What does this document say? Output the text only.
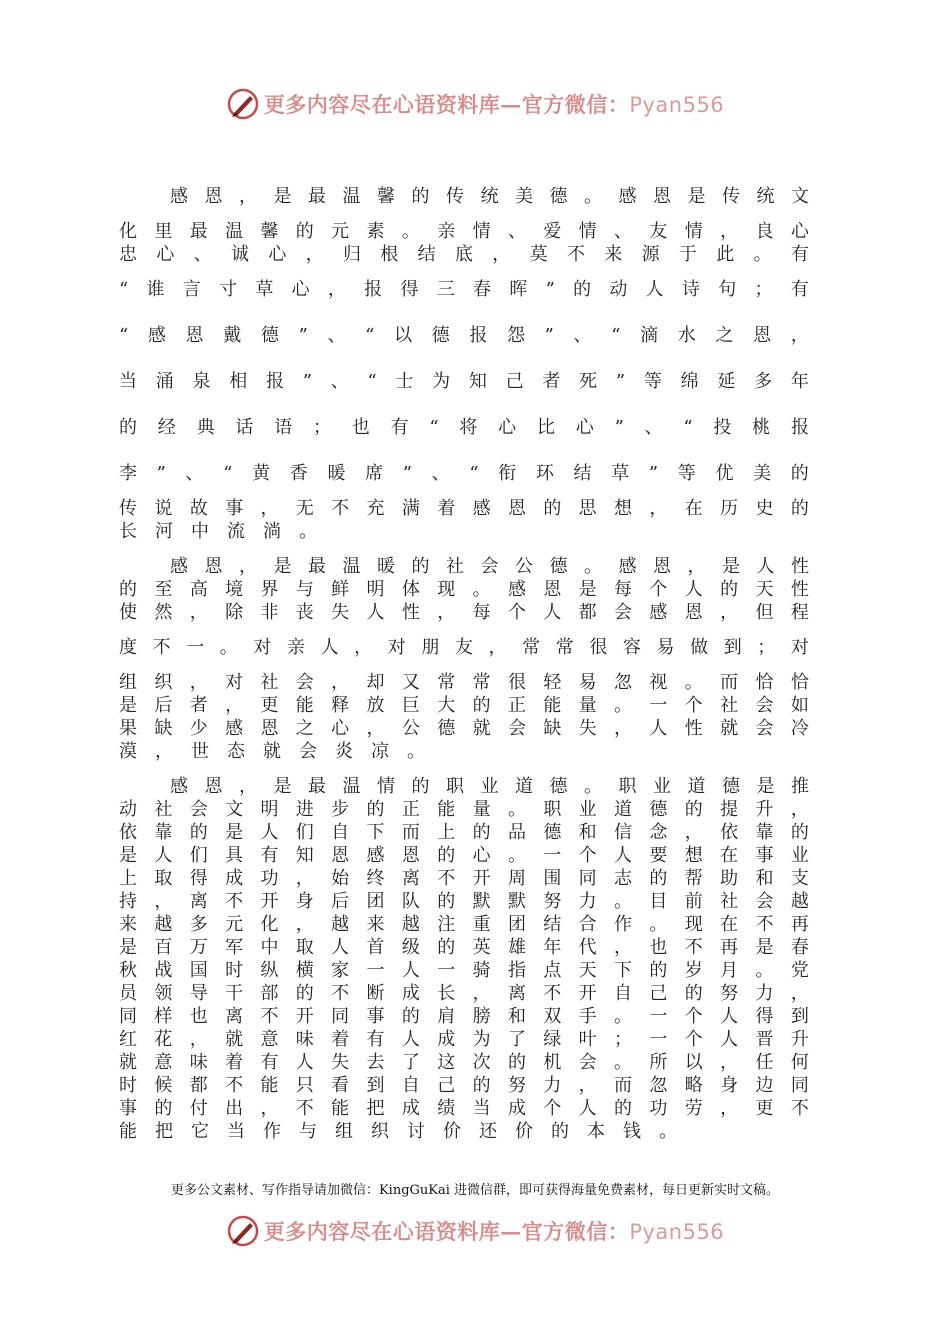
更多内容尽在心语资料库—官方微信：Pyan556
感 恩 ， 是 最 温 馨 的 传 统 美 德 。 感 恩 是 传 统 文
化 里 最 温 馨 的 元 素 。 亲 情 、 爱 情 、 友 情 ， 良 心
忠 心 、 诚 心 ， 归 根 结 底 ， 莫 不 来 源 于 此 。 有
“ 谁 言 寸 草 心 ， 报 得 三 春 晖 ” 的 动 人 诗 句 ； 有
“ 感 恩 戴 德 ” 、 “ 以 德 报 怨 ” 、 “ 滴 水 之 恩 ，
当 涌 泉 相 报 ” 、 “ 士 为 知 己 者 死 ” 等 绵 延 多 年
的 经 典 话 语 ； 也 有 “ 将 心 比 心 ” 、 “ 投 桃 报
李 ” 、 “ 黄 香 暖 席 ” 、 “ 衔 环 结 草 ” 等 优 美 的
传 说 故 事 ， 无 不 充 满 着 感 恩 的 思 想 ， 在 历 史 的
长 河 中 流 淌 。
感 恩 ， 是 最 温 暖 的 社 会 公 德 。 感 恩 ， 是 人 性
的 至 高 境 界 与 鲜 明 体 现 。 感 恩 是 每 个 人 的 天 性
使 然 ， 除 非 丧 失 人 性 ， 每 个 人 都 会 感 恩 ， 但 程
度 不 一 。 对 亲 人 ， 对 朋 友 ， 常 常 很 容 易 做 到 ； 对
组 织 ， 对 社 会 ， 却 又 常 常 很 轻 易 忽 视 。 而 恰 恰
是 后 者 ， 更 能 释 放 巨 大 的 正 能 量 。 一 个 社 会 如
果 缺 少 感 恩 之 心 ， 公 德 就 会 缺 失 ， 人 性 就 会 冷
漠 ， 世 态 就 会 炎 凉 。
感 恩 ， 是 最 温 情 的 职 业 道 德 。 职 业 道 德 是 推
动 社 会 文 明 进 步 的 正 能 量 。 职 业 道 德 的 提 升 ，
依 靠 的 是 人 们 自 下 而 上 的 品 德 和 信 念 ， 依 靠 的
是 人 们 具 有 知 恩 感 恩 的 心 。 一 个 人 要 想 在 事 业
上 取 得 成 功 ， 始 终 离 不 开 周 围 同 志 的 帮 助 和 支
持 ， 离 不 开 身 后 团 队 的 默 默 努 力 。 目 前 社 会 越
来 越 多 元 化 ， 越 来 越 注 重 团 结 合 作 。 现 在 不 再
是 百 万 军 中 取 人 首 级 的 英 雄 年 代 ， 也 不 再 是 春
秋 战 国 时 纵 横 家 一 人 一 骑 指 点 天 下 的 岁 月 。 党
员 领 导 干 部 的 不 断 成 长 ， 离 不 开 自 己 的 努 力 ，
同 样 也 离 不 开 同 事 的 肩 膀 和 双 手 。 一 个 人 得 到
红 花 ， 就 意 味 着 有 人 成 为 了 绿 叶 ； 一 个 人 晋 升
就 意 味 着 有 人 失 去 了 这 次 的 机 会 。 所 以 ， 任 何
时 候 都 不 能 只 看 到 自 己 的 努 力 ， 而 忽 略 身 边 同
事 的 付 出 ， 不 能 把 成 绩 当 成 个 人 的 功 劳 ， 更 不
能 把 它 当 作 与 组 织 讨 价 还 价 的 本 钱 。
更多公文素材、写作指导请加微信：KingGuKai 进微信群，即可获得海量免费素材，每日更新实时文稿。
更多内容尽在心语资料库—官方微信：Pyan556
